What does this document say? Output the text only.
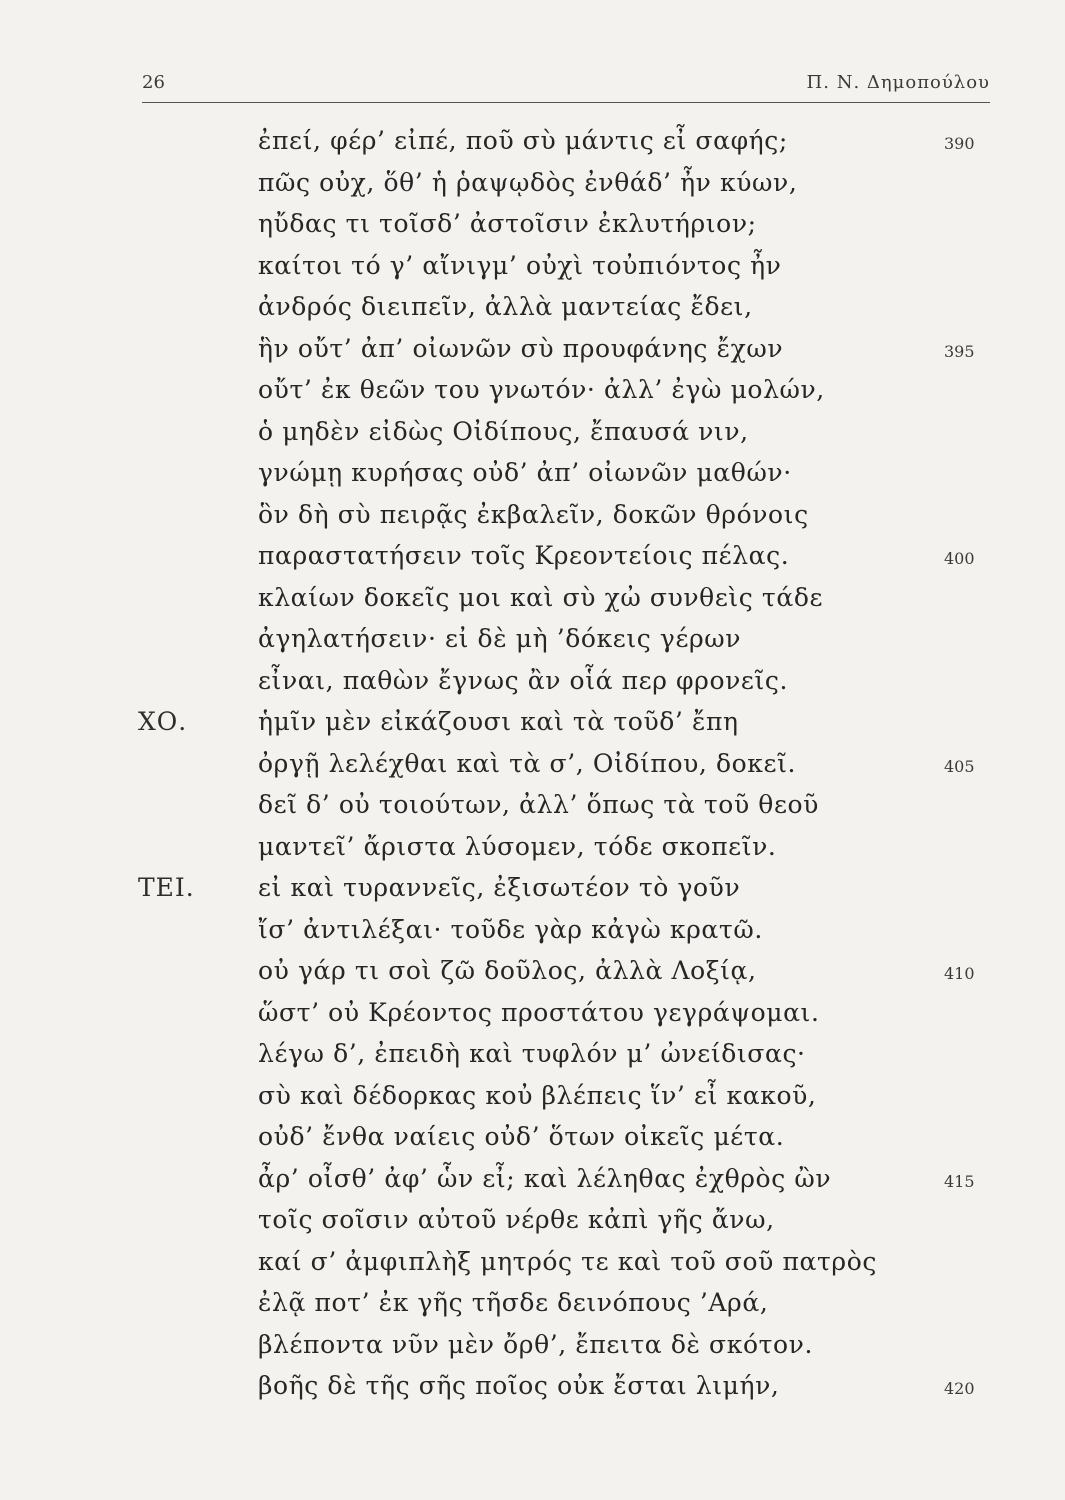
26	Π. Ν. Δημοπούλου
ἐπεί, φέρ’ εἰπέ, ποῦ σὺ μάντις εἶ σαφής;	390
πῶς οὐχ, ὅθ’ ἡ ῥαψῳδὸς ἐνθάδ’ ἦν κύων,
ηὔδας τι τοῖσδ’ ἀστοῖσιν ἐκλυτήριον;
καίτοι τό γ’ αἴνιγμ’ οὐχὶ τοὐπιόντος ἦν
ἀνδρός διειπεῖν, ἀλλὰ μαντείας ἔδει,
ἣν οὔτ’ ἀπ’ οἰωνῶν σὺ προυφάνης ἔχων	395
οὔτ’ ἐκ θεῶν του γνωτόν· ἀλλ’ ἐγὼ μολών,
ὁ μηδὲν εἰδὼς Οἰδίπους, ἔπαυσά νιν,
γνώμῃ κυρήσας οὐδ’ ἀπ’ οἰωνῶν μαθών·
ὃν δὴ σὺ πειρᾷς ἐκβαλεῖν, δοκῶν θρόνοις
παραστατήσειν τοῖς Κρεοντείοις πέλας.	400
κλαίων δοκεῖς μοι καὶ σὺ χὠ συνθεὶς τάδε
ἀγηλατήσειν· εἰ δὲ μὴ ’δόκεις γέρων
εἶναι, παθὼν ἔγνως ἂν οἷά περ φρονεῖς.
ΧΟ.	ἡμῖν μὲν εἰκάζουσι καὶ τὰ τοῦδ’ ἔπη
ὀργῇ λελέχθαι καὶ τὰ σ’, Οἰδίπου, δοκεῖ.	405
δεῖ δ’ οὐ τοιούτων, ἀλλ’ ὅπως τὰ τοῦ θεοῦ
μαντεῖ’ ἄριστα λύσομεν, τόδε σκοπεῖν.
ΤΕΙ.	εἰ καὶ τυραννεῖς, ἐξισωτέον τὸ γοῦν
ἴσ’ ἀντιλέξαι· τοῦδε γὰρ κἀγὼ κρατῶ.
οὐ γάρ τι σοὶ ζῶ δοῦλος, ἀλλὰ Λοξίᾳ,	410
ὥστ’ οὐ Κρέοντος προστάτου γεγράψομαι.
λέγω δ’, ἐπειδὴ καὶ τυφλόν μ’ ὠνείδισας·
σὺ καὶ δέδορκας κοὐ βλέπεις ἵν’ εἶ κακοῦ,
οὐδ’ ἔνθα ναίεις οὐδ’ ὅτων οἰκεῖς μέτα.
ἆρ’ οἶσθ’ ἀφ’ ὧν εἶ; καὶ λέληθας ἐχθρὸς ὢν	415
τοῖς σοῖσιν αὐτοῦ νέρθε κἀπὶ γῆς ἄνω,
καί σ’ ἀμφιπλὴξ μητρός τε καὶ τοῦ σοῦ πατρὸς
ἐλᾷ ποτ’ ἐκ γῆς τῆσδε δεινόπους ’Αρά,
βλέποντα νῦν μὲν ὄρθ’, ἔπειτα δὲ σκότον.
βοῆς δὲ τῆς σῆς ποῖος οὐκ ἔσται λιμήν,	420
